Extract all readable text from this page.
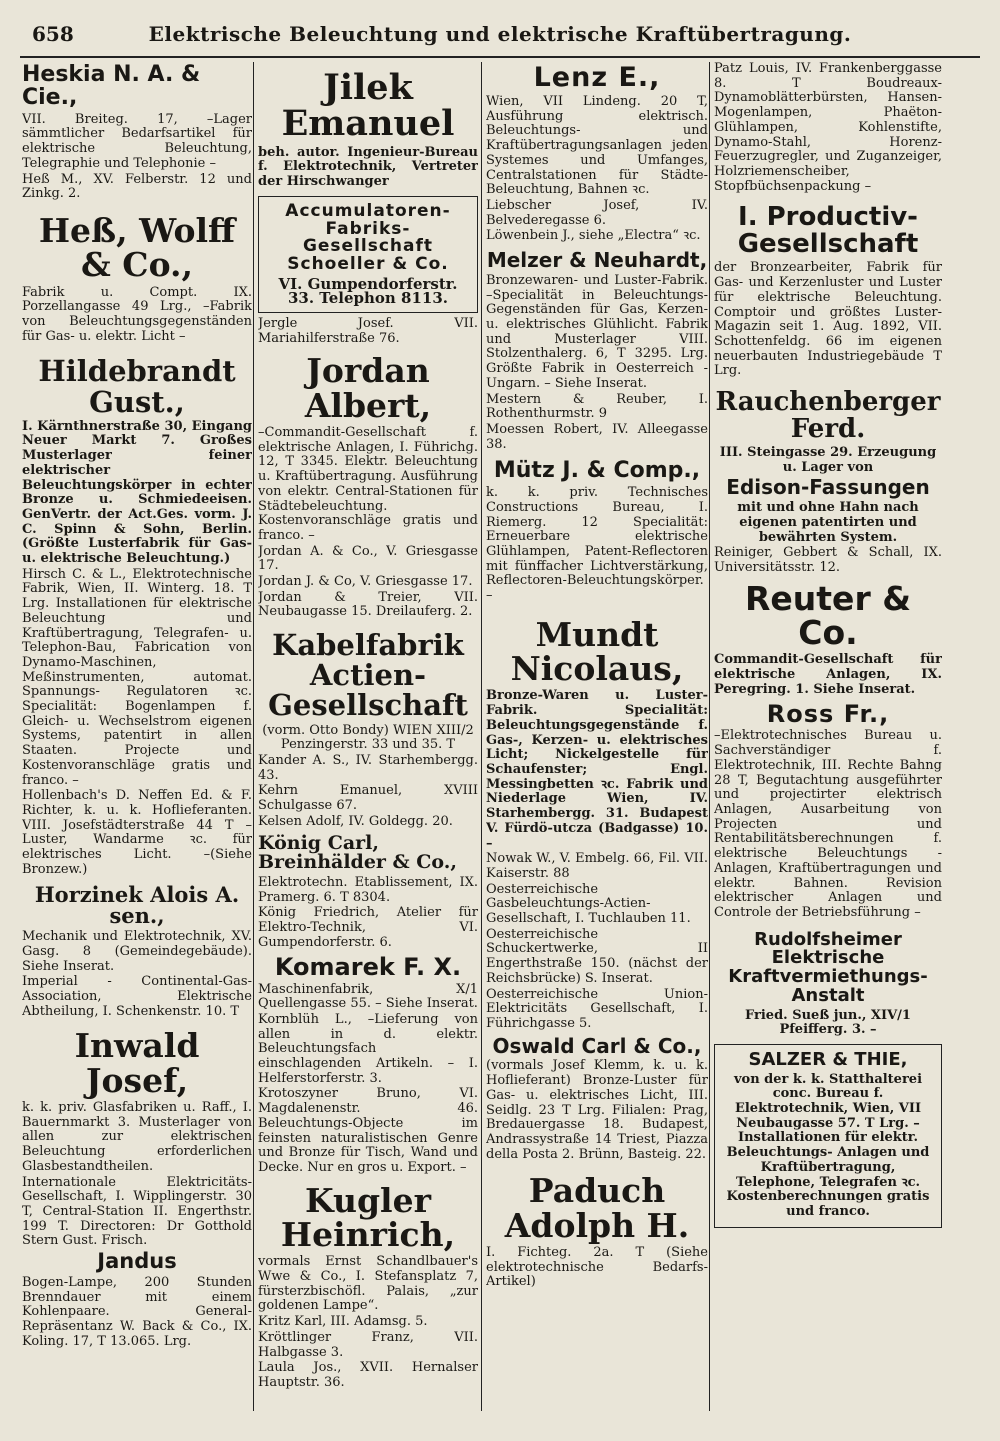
658	Elektrische Beleuchtung und elektrische Kraftübertragung.
Heskia N. A. & Cie.,

VII. Breiteg. 17, –Lager sämmtlicher Bedarfsartikel für elektrische Beleuchtung, Telegraphie und Telephonie –

Heß M., XV. Felberstr. 12 und Zinkg. 2.

Heß, Wolff & Co.,

Fabrik u. Compt. IX. Porzellangasse 49 Lrg., –Fabrik von Beleuchtungsgegenständen für Gas- u. elektr. Licht –

Hildebrandt Gust.,

I. Kärnthnerstraße 30, Eingang Neuer Markt 7. Großes Musterlager feiner elektrischer Beleuchtungskörper in echter Bronze u. Schmiedeeisen. GenVertr. der Act.Ges. vorm. J. C. Spinn & Sohn, Berlin. (Größte Lusterfabrik für Gas- u. elektrische Beleuchtung.)

Hirsch C. & L., Elektrotechnische Fabrik, Wien, II. Winterg. 18. T Lrg. Installationen für elektrische Beleuchtung und Kraftübertragung, Telegrafen- u. Telephon-Bau, Fabrication von Dynamo-Maschinen, Meßinstrumenten, automat. Spannungs- Regulatoren ꝛc. Specialität: Bogenlampen f. Gleich- u. Wechselstrom eigenen Systems, patentirt in allen Staaten. Projecte und Kostenvoranschläge gratis und franco. –

Hollenbach's D. Neffen Ed. & F. Richter, k. u. k. Hoflieferanten. VIII. Josefstädterstraße 44 T –Luster, Wandarme ꝛc. für elektrisches Licht. –(Siehe Bronzew.)

Horzinek Alois A. sen.,

Mechanik und Elektrotechnik, XV. Gasg. 8 (Gemeindegebäude). Siehe Inserat.

Imperial - Continental-Gas-Association, Elektrische Abtheilung, I. Schenkenstr. 10. T

Inwald Josef,

k. k. priv. Glasfabriken u. Raff., I. Bauernmarkt 3. Musterlager von allen zur elektrischen Beleuchtung erforderlichen Glasbestandtheilen.

Internationale Elektricitäts-Gesellschaft, I. Wipplingerstr. 30 T, Central-Station II. Engerthstr. 199 T. Directoren: Dr Gotthold Stern Gust. Frisch.

Jandus

Bogen-Lampe, 200 Stunden Brenndauer mit einem Kohlenpaare. General-Repräsentanz W. Back & Co., IX. Koling. 17, T 13.065. Lrg.

Jilek Emanuel

beh. autor. Ingenieur-Bureau f. Elektrotechnik, Vertreter der Hirschwanger

Accumulatoren-Fabriks-Gesellschaft Schoeller & Co.
VI. Gumpendorferstr. 33. Telephon 8113.

Jergle Josef. VII. Mariahilferstraße 76.

Jordan Albert,

–Commandit-Gesellschaft f. elektrische Anlagen, I. Führichg. 12, T 3345. Elektr. Beleuchtung u. Kraftübertragung. Ausführung von elektr. Central-Stationen für Städtebeleuchtung. Kostenvoranschläge gratis und franco. –

Jordan A. & Co., V. Griesgasse 17.

Jordan J. & Co, V. Griesgasse 17.

Jordan & Treier, VII. Neubaugasse 15. Dreilauferg. 2.

Kabelfabrik Actien-Gesellschaft

(vorm. Otto Bondy) WIEN XIII/2 Penzingerstr. 33 und 35. T

Kander A. S., IV. Starhembergg. 43.

Kehrn Emanuel, XVIII Schulgasse 67.

Kelsen Adolf, IV. Goldegg. 20.

König Carl, Breinhälder & Co.,

Elektrotechn. Etablissement, IX. Pramerg. 6. T 8304.

König Friedrich, Atelier für Elektro-Technik, VI. Gumpendorferstr. 6.

Komarek F. X.

Maschinenfabrik, X/1 Quellengasse 55. – Siehe Inserat.

Kornblüh L., –Lieferung von allen in d. elektr. Beleuchtungsfach einschlagenden Artikeln. – I. Helferstorferstr. 3.

Krotoszyner Bruno, VI. Magdalenenstr. 46. Beleuchtungs-Objecte im feinsten naturalistischen Genre und Bronze für Tisch, Wand und Decke. Nur en gros u. Export. –

Kugler Heinrich,

vormals Ernst Schandlbauer's Wwe & Co., I. Stefansplatz 7, fürsterzbischöfl. Palais, „zur goldenen Lampe“.

Kritz Karl, III. Adamsg. 5.

Kröttlinger Franz, VII. Halbgasse 3.

Laula Jos., XVII. Hernalser Hauptstr. 36.

Lenz E.,

Wien, VII Lindeng. 20 T, Ausführung elektrisch. Beleuchtungs- und Kraftübertragungsanlagen jeden Systemes und Umfanges, Centralstationen für Städte-Beleuchtung, Bahnen ꝛc.

Liebscher Josef, IV. Belvederegasse 6.

Löwenbein J., siehe „Electra“ ꝛc.

Melzer & Neuhardt,

Bronzewaren- und Luster-Fabrik. –Specialität in Beleuchtungs-Gegenständen für Gas, Kerzen- u. elektrisches Glühlicht. Fabrik und Musterlager VIII. Stolzenthalerg. 6, T 3295. Lrg. Größte Fabrik in Oesterreich - Ungarn. – Siehe Inserat.

Mestern & Reuber, I. Rothenthurmstr. 9

Moessen Robert, IV. Alleegasse 38.

Mütz J. & Comp.,

k. k. priv. Technisches Constructions Bureau, I. Riemerg. 12 Specialität: Erneuerbare elektrische Glühlampen, Patent-Reflectoren mit fünffacher Lichtverstärkung, Reflectoren-Beleuchtungskörper. –

Mundt Nicolaus,

Bronze-Waren u. Luster-Fabrik. Specialität: Beleuchtungsgegenstände f. Gas-, Kerzen- u. elektrisches Licht; Nickelgestelle für Schaufenster; Engl. Messingbetten ꝛc. Fabrik und Niederlage Wien, IV. Starhembergg. 31. Budapest V. Fürdö-utcza (Badgasse) 10. –

Nowak W., V. Embelg. 66, Fil. VII. Kaiserstr. 88

Oesterreichische Gasbeleuchtungs-Actien-Gesellschaft, I. Tuchlauben 11.

Oesterreichische Schuckertwerke, II Engerthstraße 150. (nächst der Reichsbrücke) S. Inserat.

Oesterreichische Union-Elektricitäts Gesellschaft, I. Führichgasse 5.

Oswald Carl & Co.,

(vormals Josef Klemm, k. u. k. Hoflieferant) Bronze-Luster für Gas- u. elektrisches Licht, III. Seidlg. 23 T Lrg. Filialen: Prag, Bredauergasse 18. Budapest, Andrassystraße 14 Triest, Piazza della Posta 2. Brünn, Basteig. 22.

Paduch Adolph H.

I. Fichteg. 2a. T (Siehe elektrotechnische Bedarfs-Artikel)

Patz Louis, IV. Frankenberggasse 8. T Boudreaux-Dynamoblätterbürsten, Hansen-Mogenlampen, Phaëton-Glühlampen, Kohlenstifte, Dynamo-Stahl, Horenz-Feuerzugregler, und Zuganzeiger, Holzriemenscheiber, Stopfbüchsenpackung –

I. Productiv-Gesellschaft

der Bronzearbeiter, Fabrik für Gas- und Kerzenluster und Luster für elektrische Beleuchtung. Comptoir und größtes Luster-Magazin seit 1. Aug. 1892, VII. Schottenfeldg. 66 im eigenen neuerbauten Industriegebäude T Lrg.

Rauchenberger Ferd.

III. Steingasse 29. Erzeugung u. Lager von

Edison-Fassungen

mit und ohne Hahn nach eigenen patentirten und bewährten System.

Reiniger, Gebbert & Schall, IX. Universitätsstr. 12.

Reuter & Co.

Commandit-Gesellschaft für elektrische Anlagen, IX. Peregring. 1. Siehe Inserat.

Ross Fr.,

–Elektrotechnisches Bureau u. Sachverständiger f. Elektrotechnik, III. Rechte Bahng 28 T, Begutachtung ausgeführter und projectirter elektrisch Anlagen, Ausarbeitung von Projecten und Rentabilitätsberechnungen f. elektrische Beleuchtungs - Anlagen, Kraftübertragungen und elektr. Bahnen. Revision elektrischer Anlagen und Controle der Betriebsführung –

Rudolfsheimer Elektrische Kraftvermiethungs-Anstalt

Fried. Sueß jun., XIV/1 Pfeifferg. 3. –

SALZER & THIE,

von der k. k. Statthalterei conc. Bureau f. Elektrotechnik, Wien, VII Neubaugasse 57. T Lrg. –Installationen für elektr. Beleuchtungs- Anlagen und Kraftübertragung, Telephone, Telegrafen ꝛc. Kostenberechnungen gratis und franco.
